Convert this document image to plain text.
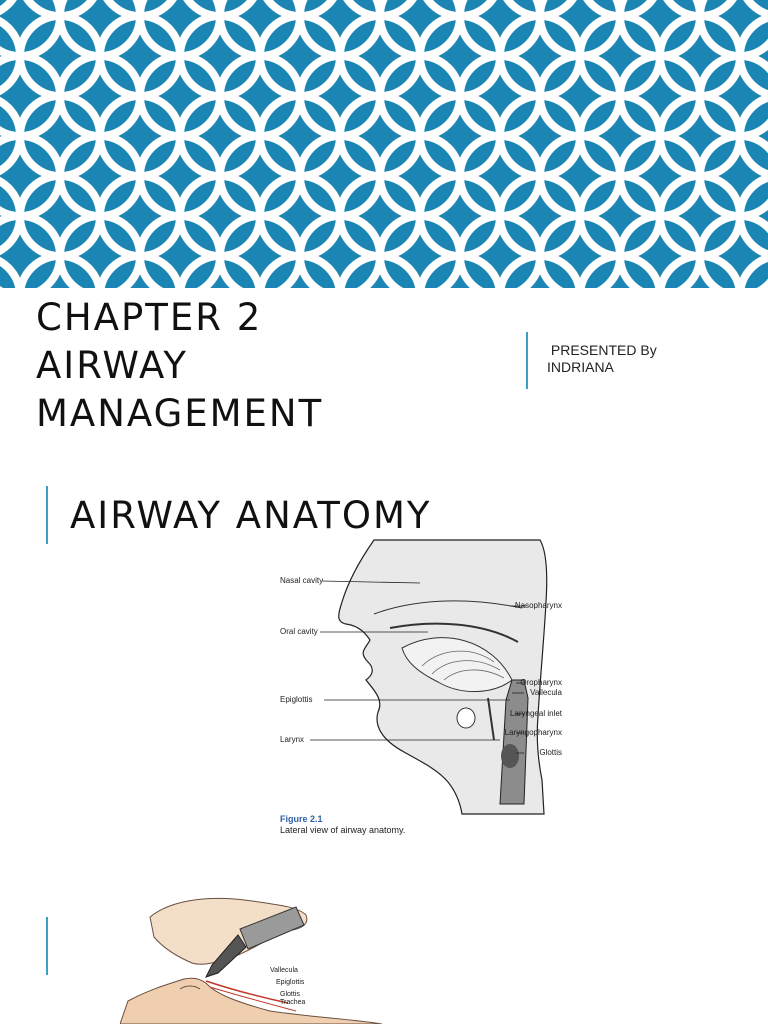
CHAPTER 2
AIRWAY
MANAGEMENT
PRESENTED By
INDRIANA
AIRWAY ANATOMY
Nasal cavity
Oral cavity
Epiglottis
Larynx
Nasopharynx
Oropharynx
Vallecula
Laryngeal inlet
Laryngopharynx
Glottis
Figure 2.1
Lateral view of airway anatomy.
Vallecula
Epiglottis
Glottis
Trachea
